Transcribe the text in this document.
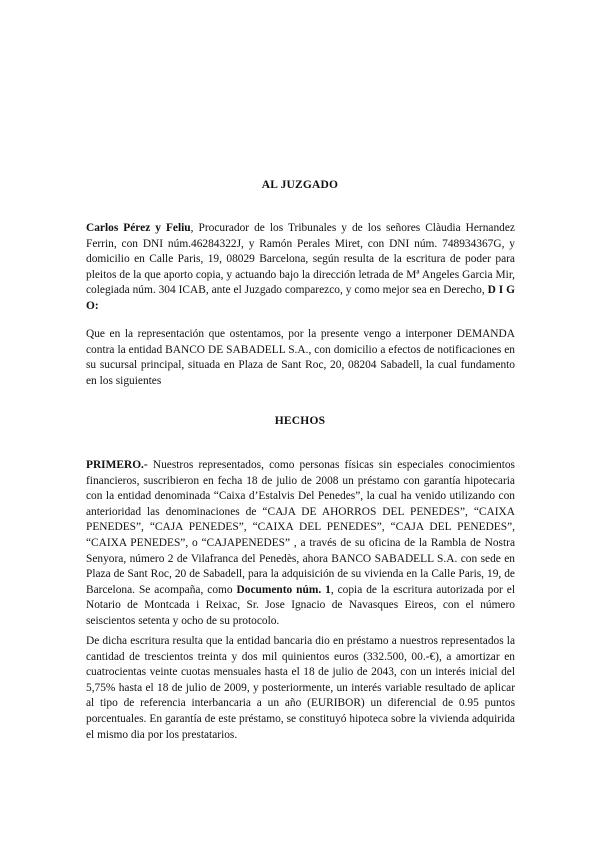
AL JUZGADO
Carlos Pérez y Feliu, Procurador de los Tribunales y de los señores Clàudia Hernandez Ferrin, con DNI núm.46284322J, y Ramón Perales Miret, con DNI núm. 748934367G, y domicilio en Calle Paris, 19, 08029 Barcelona, según resulta de la escritura de poder para pleitos de la que aporto copia, y actuando bajo la dirección letrada de Mª Angeles Garcia Mir, colegiada núm. 304 ICAB, ante el Juzgado comparezco, y como mejor sea en Derecho, D I G O:
Que en la representación que ostentamos, por la presente vengo a interponer DEMANDA contra la entidad BANCO DE SABADELL S.A., con domicilio a efectos de notificaciones en su sucursal principal, situada en Plaza de Sant Roc, 20, 08204 Sabadell, la cual fundamento en los siguientes
HECHOS
PRIMERO.- Nuestros representados, como personas físicas sin especiales conocimientos financieros, suscribieron en fecha 18 de julio de 2008 un préstamo con garantía hipotecaria con la entidad denominada “Caixa d’Estalvis Del Penedes”, la cual ha venido utilizando con anterioridad las denominaciones de “CAJA DE AHORROS DEL PENEDES”, “CAIXA PENEDES”, “CAJA PENEDES”, “CAIXA DEL PENEDES”, “CAJA DEL PENEDES”, “CAIXA PENEDES”, o “CAJAPENEDES” , a través de su oficina de la Rambla de Nostra Senyora, número 2 de Vilafranca del Penedès, ahora BANCO SABADELL S.A. con sede en Plaza de Sant Roc, 20 de Sabadell, para la adquisición de su vivienda en la Calle Paris, 19, de Barcelona. Se acompaña, como Documento núm. 1, copia de la escritura autorizada por el Notario de Montcada i Reixac, Sr. Jose Ignacio de Navasques Eireos, con el número seiscientos setenta y ocho de su protocolo.
De dicha escritura resulta que la entidad bancaria dio en préstamo a nuestros representados la cantidad de trescientos treinta y dos mil quinientos euros (332.500, 00.-€), a amortizar en cuatrocientas veinte cuotas mensuales hasta el 18 de julio de 2043, con un interés inicial del 5,75% hasta el 18 de julio de 2009, y posteriormente, un interés variable resultado de aplicar al tipo de referencia interbancaria a un año (EURIBOR) un diferencial de 0.95 puntos porcentuales. En garantía de este préstamo, se constituyó hipoteca sobre la vivienda adquirida el mismo dia por los prestatarios.
